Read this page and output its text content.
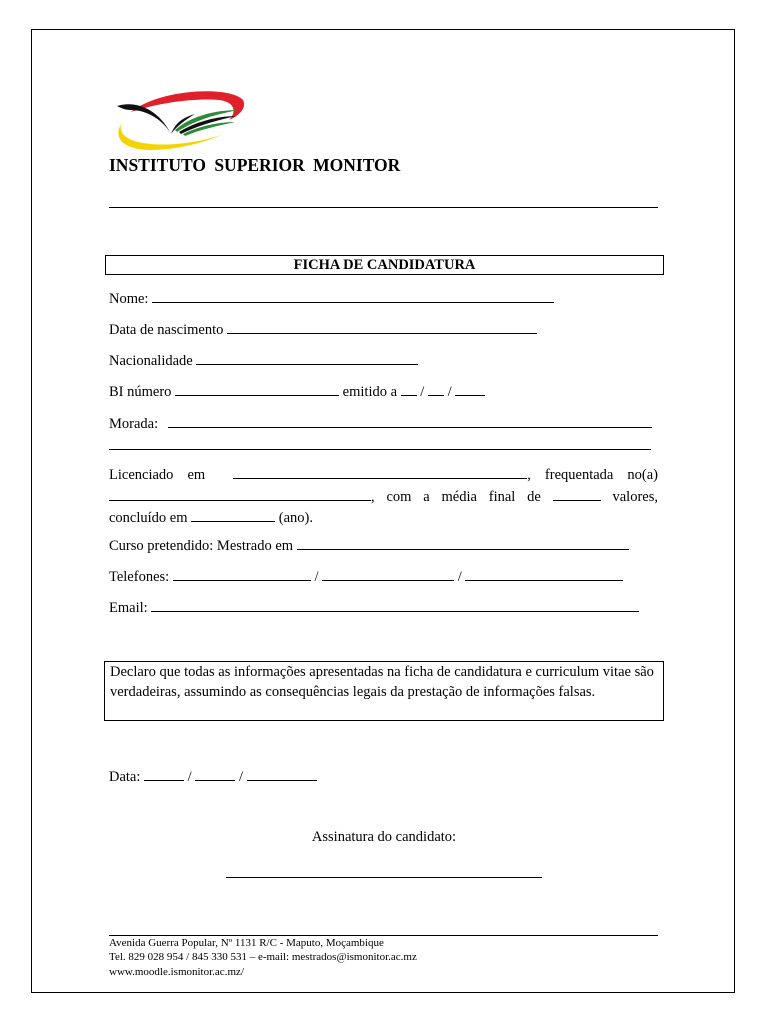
INSTITUTO SUPERIOR MONITOR
FICHA DE CANDIDATURA
Nome:
Data de nascimento
Nacionalidade
BI número	emitido a / /
Morada:
Licenciado em	, frequentada no(a) , com a média final de	valores, concluído em	(ano).
Curso pretendido: Mestrado em
Telefones:	/	/
Email:
Declaro que todas as informações apresentadas na ficha de candidatura e curriculum vitae são verdadeiras, assumindo as consequências legais da prestação de informações falsas.
Data:	/	/
Assinatura do candidato:
Avenida Guerra Popular, Nº 1131 R/C - Maputo, Moçambique
Tel. 829 028 954 / 845 330 531 – e-mail: mestrados@ismonitor.ac.mz
www.moodle.ismonitor.ac.mz/
